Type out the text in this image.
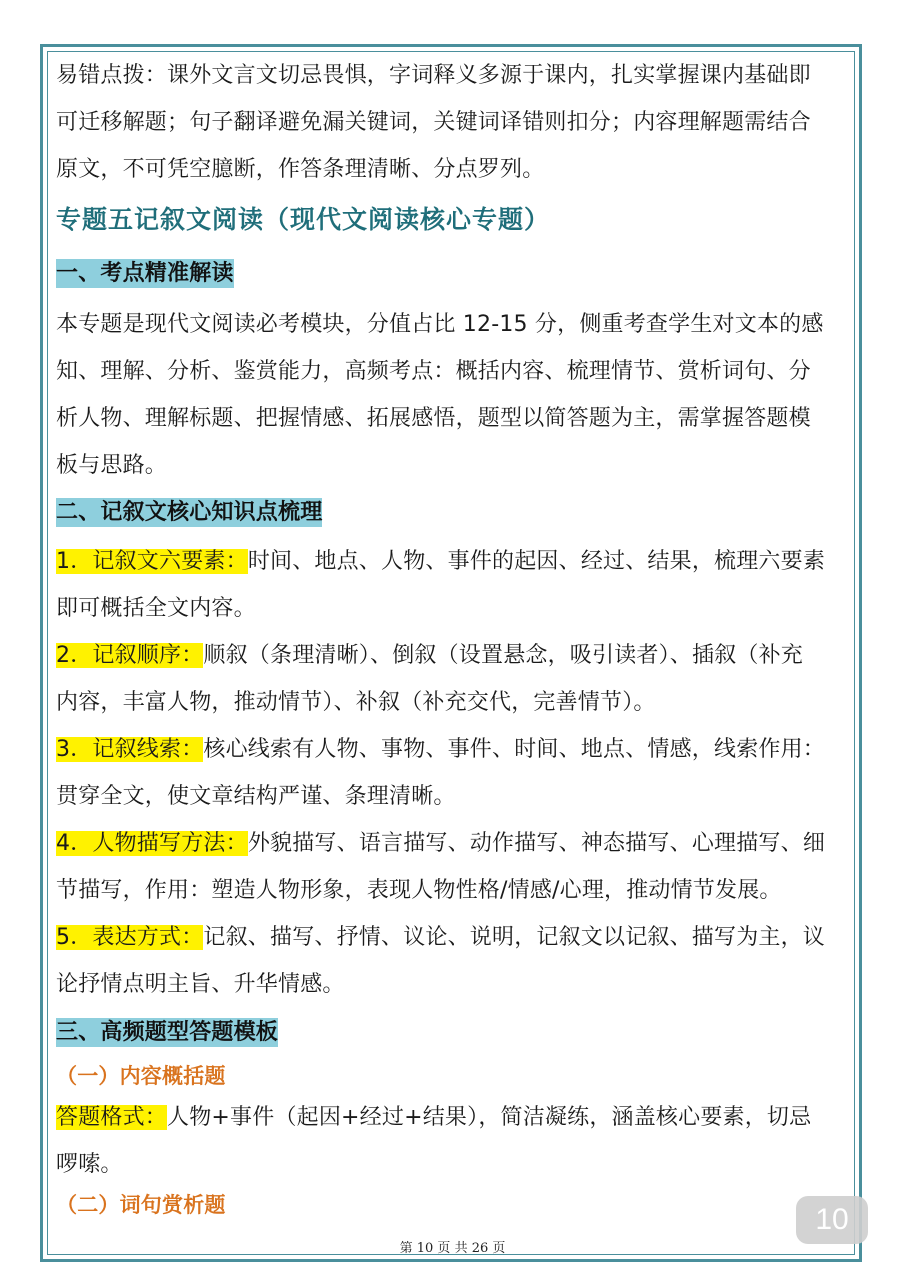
易错点拨：课外文言文切忌畏惧，字词释义多源于课内，扎实掌握课内基础即
可迁移解题；句子翻译避免漏关键词，关键词译错则扣分；内容理解题需结合
原文，不可凭空臆断，作答条理清晰、分点罗列。
专题五记叙文阅读（现代文阅读核心专题）
一、考点精准解读
本专题是现代文阅读必考模块，分值占比 12-15 分，侧重考查学生对文本的感
知、理解、分析、鉴赏能力，高频考点：概括内容、梳理情节、赏析词句、分
析人物、理解标题、把握情感、拓展感悟，题型以简答题为主，需掌握答题模
板与思路。
二、记叙文核心知识点梳理
1．记叙文六要素：时间、地点、人物、事件的起因、经过、结果，梳理六要素
即可概括全文内容。
2．记叙顺序：顺叙（条理清晰）、倒叙（设置悬念，吸引读者）、插叙（补充
内容，丰富人物，推动情节）、补叙（补充交代，完善情节）。
3．记叙线索：核心线索有人物、事物、事件、时间、地点、情感，线索作用：
贯穿全文，使文章结构严谨、条理清晰。
4．人物描写方法：外貌描写、语言描写、动作描写、神态描写、心理描写、细
节描写，作用：塑造人物形象，表现人物性格/情感/心理，推动情节发展。
5．表达方式：记叙、描写、抒情、议论、说明，记叙文以记叙、描写为主，议
论抒情点明主旨、升华情感。
三、高频题型答题模板
（一）内容概括题
答题格式：人物+事件（起因+经过+结果），简洁凝练，涵盖核心要素，切忌
啰嗦。
（二）词句赏析题	10
第 10 页 共 26 页
